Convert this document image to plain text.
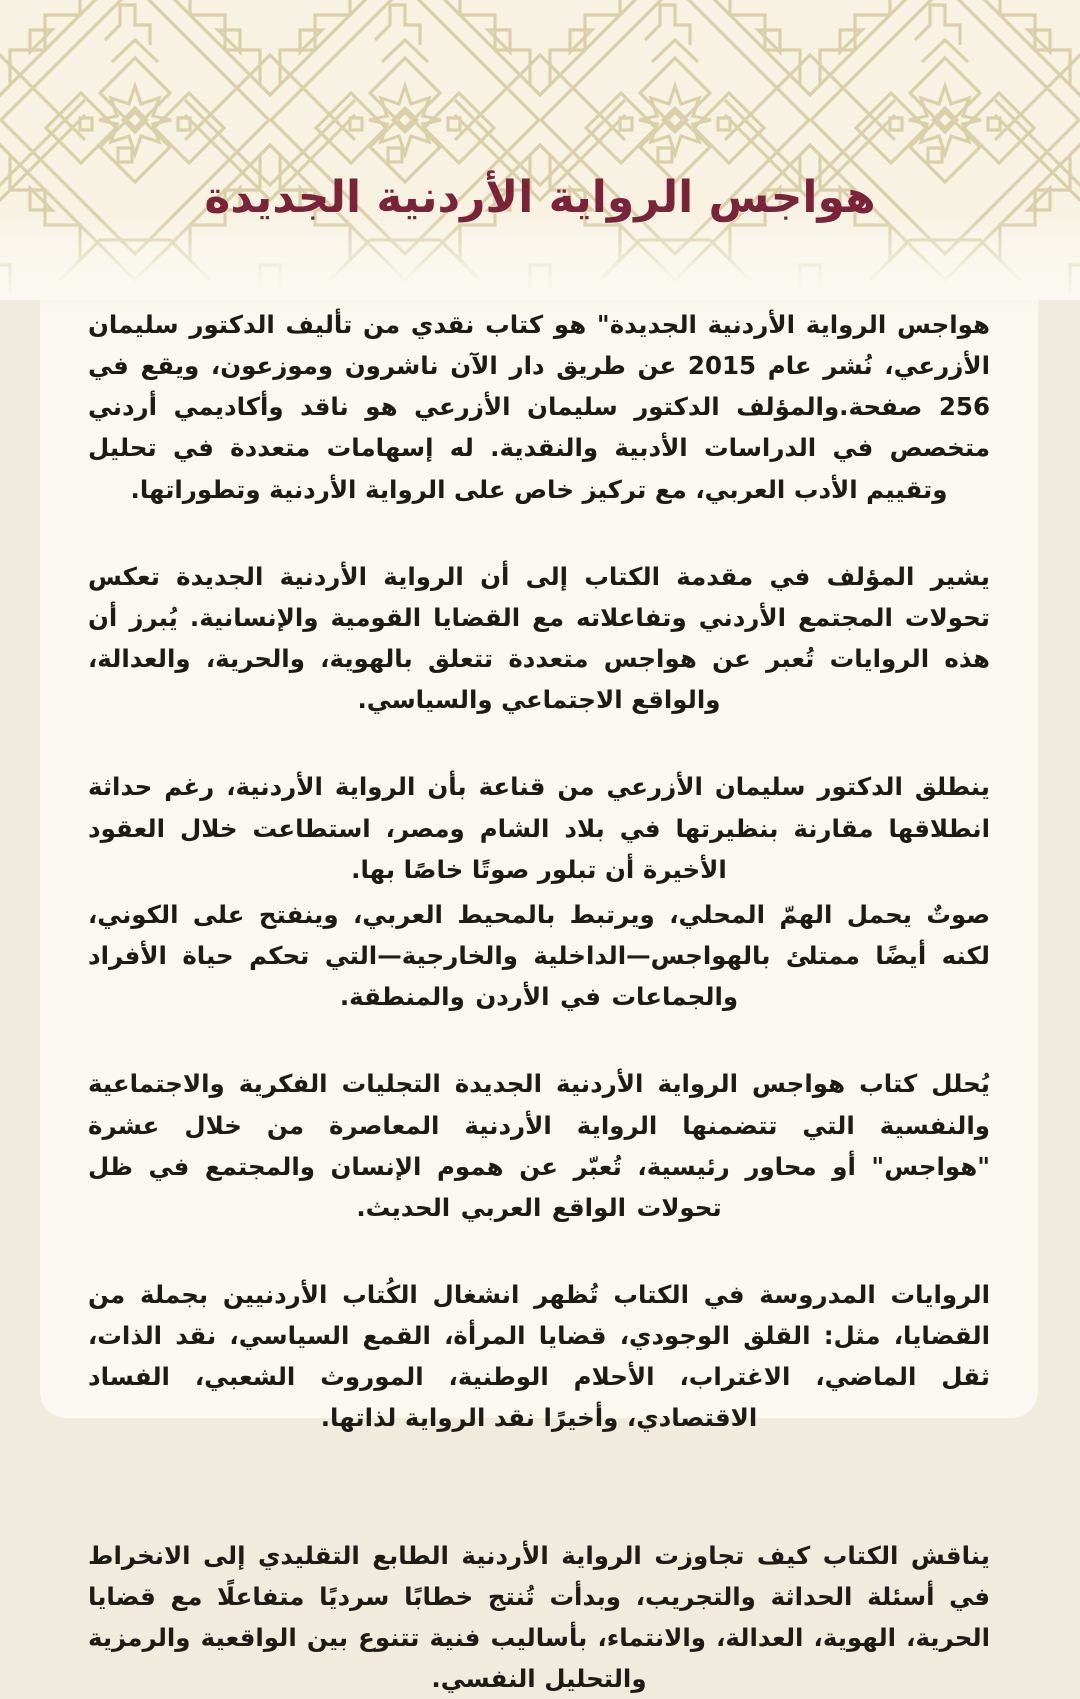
هواجس الرواية الأردنية الجديدة

هواجس الرواية الأردنية الجديدة" هو كتاب نقدي من تأليف الدكتور سليمان الأزرعي، نُشر عام 2015 عن طريق دار الآن ناشرون وموزعون، ويقع في 256 صفحة.والمؤلف الدكتور سليمان الأزرعي هو ناقد وأكاديمي أردني متخصص في الدراسات الأدبية والنقدية. له إسهامات متعددة في تحليل وتقييم الأدب العربي، مع تركيز خاص على الرواية الأردنية وتطوراتها.

يشير المؤلف في مقدمة الكتاب إلى أن الرواية الأردنية الجديدة تعكس تحولات المجتمع الأردني وتفاعلاته مع القضايا القومية والإنسانية. يُبرز أن هذه الروايات تُعبر عن هواجس متعددة تتعلق بالهوية، والحرية، والعدالة، والواقع الاجتماعي والسياسي.

ينطلق الدكتور سليمان الأزرعي من قناعة بأن الرواية الأردنية، رغم حداثة انطلاقها مقارنة بنظيرتها في بلاد الشام ومصر، استطاعت خلال العقود الأخيرة أن تبلور صوتًا خاصًا بها.

صوتٌ يحمل الهمّ المحلي، ويرتبط بالمحيط العربي، وينفتح على الكوني، لكنه أيضًا ممتلئ بالهواجس—الداخلية والخارجية—التي تحكم حياة الأفراد والجماعات في الأردن والمنطقة.

يُحلل كتاب هواجس الرواية الأردنية الجديدة التجليات الفكرية والاجتماعية والنفسية التي تتضمنها الرواية الأردنية المعاصرة من خلال عشرة "هواجس" أو محاور رئيسية، تُعبّر عن هموم الإنسان والمجتمع في ظل تحولات الواقع العربي الحديث.

الروايات المدروسة في الكتاب تُظهر انشغال الكُتاب الأردنيين بجملة من القضايا، مثل: القلق الوجودي، قضايا المرأة، القمع السياسي، نقد الذات، ثقل الماضي، الاغتراب، الأحلام الوطنية، الموروث الشعبي، الفساد الاقتصادي، وأخيرًا نقد الرواية لذاتها.

يناقش الكتاب كيف تجاوزت الرواية الأردنية الطابع التقليدي إلى الانخراط في أسئلة الحداثة والتجريب، وبدأت تُنتج خطابًا سرديًا متفاعلًا مع قضايا الحرية، الهوية، العدالة، والانتماء، بأساليب فنية تتنوع بين الواقعية والرمزية والتحليل النفسي.
